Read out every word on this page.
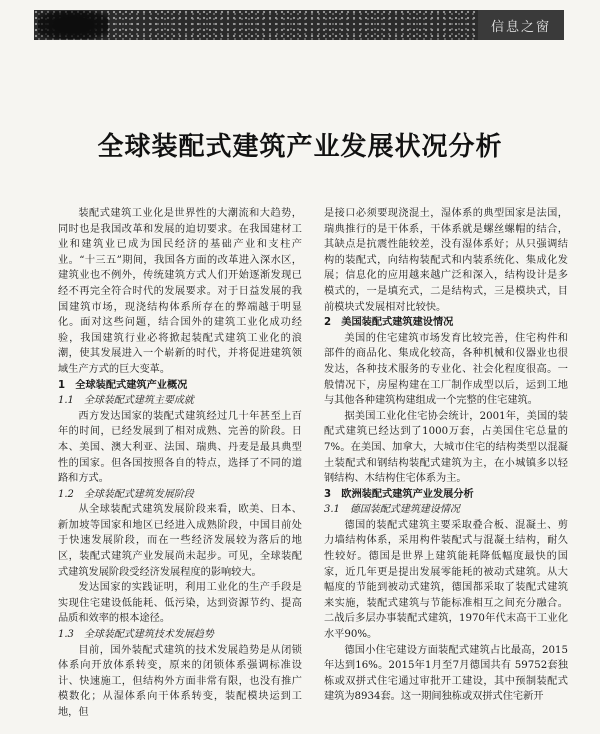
信息之窗
全球装配式建筑产业发展状况分析

装配式建筑工业化是世界性的大潮流和大趋势，同时也是我国改革和发展的迫切要求。在我国建材工业和建筑业已成为国民经济的基础产业和支柱产业。“十三五”期间，我国各方面的改革进入深水区，建筑业也不例外，传统建筑方式人们开始逐渐发现已经不再完全符合时代的发展要求。对于日益发展的我国建筑市场，现浇结构体系所存在的弊端越于明显化。面对这些问题，结合国外的建筑工业化成功经验，我国建筑行业必将掀起装配式建筑工业化的浪潮，使其发展进入一个崭新的时代，并将促进建筑领域生产方式的巨大变革。

1　全球装配式建筑产业概况
1.1　全球装配式建筑主要成就

西方发达国家的装配式建筑经过几十年甚至上百年的时间，已经发展到了相对成熟、完善的阶段。日本、美国、澳大利亚、法国、瑞典、丹麦是最具典型性的国家。但各国按照各自的特点，选择了不同的道路和方式。

1.2　全球装配式建筑发展阶段

从全球装配式建筑发展阶段来看，欧美、日本、新加坡等国家和地区已经进入成熟阶段，中国目前处于快速发展阶段，而在一些经济发展较为落后的地区，装配式建筑产业发展尚未起步。可见，全球装配式建筑发展阶段受经济发展程度的影响较大。

发达国家的实践证明，利用工业化的生产手段是实现住宅建设低能耗、低污染，达到资源节约、提高品质和效率的根本途径。

1.3　全球装配式建筑技术发展趋势

目前，国外装配式建筑的技术发展趋势是从闭锁体系向开放体系转变，原来的闭锁体系强调标准设计、快速施工，但结构外方面非常有限，也没有推广模数化；从湿体系向干体系转变，装配模块运到工地，但

是接口必须要现浇混土，湿体系的典型国家是法国，瑞典推行的是干体系，干体系就是螺丝螺帽的结合，其缺点是抗震性能较差，没有湿体系好；从只强调结构的装配式，向结构装配式和内装系统化、集成化发展；信息化的应用越来越广泛和深入，结构设计是多模式的，一是填充式，二是结构式，三是模块式，目前模块式发展相对比较快。

2　美国装配式建筑建设情况

美国的住宅建筑市场发育比较完善，住宅构件和部件的商品化、集成化较高，各种机械和仪器业也很发达，各种技术服务的专业化、社会化程度很高。一般情况下，房屋构建在工厂制作成型以后，运到工地与其他各种建筑构建组成一个完整的住宅建筑。

据美国工业化住宅协会统计，2001年，美国的装配式建筑已经达到了1000万套，占美国住宅总量的7%。在美国、加拿大，大城市住宅的结构类型以混凝土装配式和钢结构装配式建筑为主，在小城镇多以轻钢结构、木结构住宅体系为主。

3　欧洲装配式建筑产业发展分析
3.1　德国装配式建筑建设情况

德国的装配式建筑主要采取叠合板、混凝土、剪力墙结构体系，采用构件装配式与混凝土结构，耐久性较好。德国是世界上建筑能耗降低幅度最快的国家，近几年更是提出发展零能耗的被动式建筑。从大幅度的节能到被动式建筑，德国都采取了装配式建筑来实施，装配式建筑与节能标准相互之间充分融合。二战后多层办事装配式建筑，1970年代末高干工业化水平90%。

德国小住宅建设方面装配式建筑占比最高，2015年达到16%。2015年1月至7月德国共有 59752套独栋或双拼式住宅通过审批开工建设，其中预制装配式建筑为8934套。这一期间独栋或双拼式住宅新开
